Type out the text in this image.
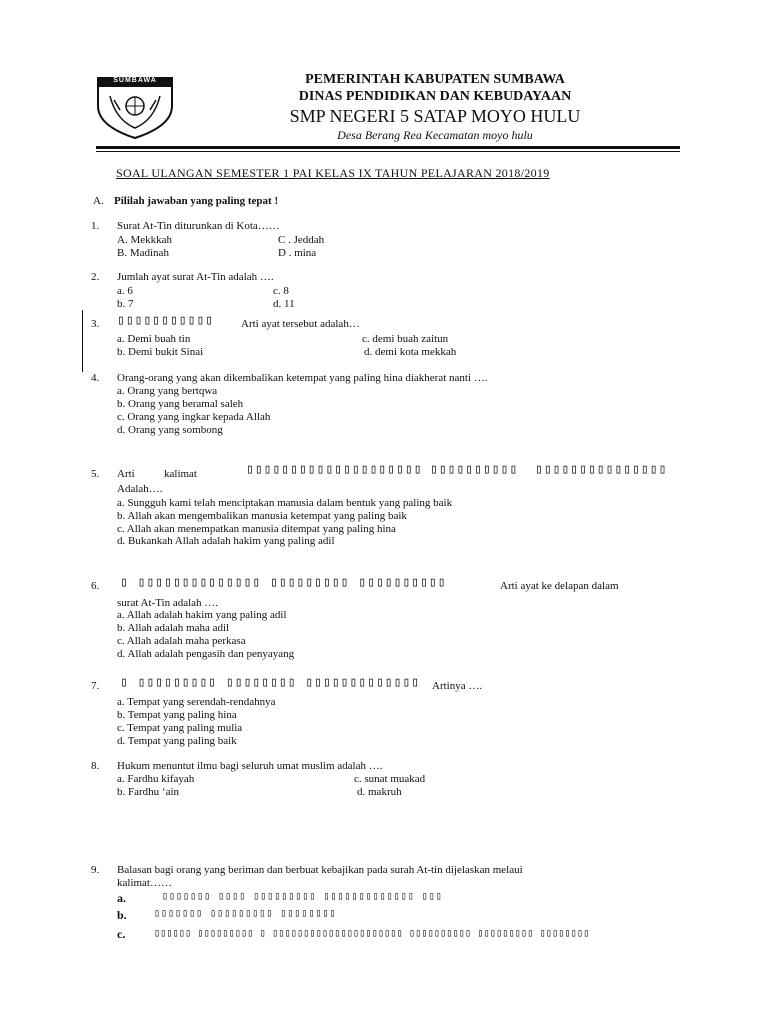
SUMBAWA	PEMERINTAH KABUPATEN SUMBAWA
DINAS PENDIDIKAN DAN KEBUDAYAAN
SMP NEGERI 5 SATAP MOYO HULU
Desa Berang Rea Kecamatan moyo hulu
SOAL ULANGAN SEMESTER 1 PAI KELAS IX TAHUN PELAJARAN 2018/2019
A. Pililah jawaban yang paling tepat !
1. Surat At-Tin diturunkan di Kota……
A. Mekkkah	C . Jeddah
B. Madinah	D . mina
2. Jumlah ayat surat At-Tin adalah ….
a. 6	c. 8
b. 7	d. 11
3. ▯▯▯▯▯▯▯▯▯▯▯ Arti ayat tersebut adalah…
a. Demi buah tin	c. demi buah zaitun
b. Demi bukit Sinai	d. demi kota mekkah
4. Orang-orang yang akan dikembalikan ketempat yang paling hina diakherat nanti ….
a. Orang yang bertqwa
b. Orang yang beramal saleh
c. Orang yang ingkar kepada Allah
d. Orang yang sombong
5. Arti	kalimat	▯▯▯▯▯▯▯▯▯▯▯▯▯▯▯▯▯▯▯▯ ▯▯▯▯▯▯▯▯▯▯ ▯▯▯▯▯▯▯▯▯▯▯▯▯▯▯
Adalah….
a. Sungguh kami telah menciptakan manusia dalam bentuk yang paling baik
b. Allah akan mengembalikan manusia ketempat yang paling baik
c. Allah akan menempatkan manusia ditempat yang paling hina
d. Bukankah Allah adalah hakim yang paling adil
6. ▯ ▯▯▯▯▯▯▯▯▯▯▯▯▯▯ ▯▯▯▯▯▯▯▯▯ ▯▯▯▯▯▯▯▯▯▯	Arti ayat ke delapan dalam
surat At-Tin adalah ….
a. Allah adalah hakim yang paling adil
b. Allah adalah maha adil
c. Allah adalah maha perkasa
d. Allah adalah pengasih dan penyayang
7. ▯ ▯▯▯▯▯▯▯▯▯ ▯▯▯▯▯▯▯▯ ▯▯▯▯▯▯▯▯▯▯▯▯▯ Artinya ….
a. Tempat yang serendah-rendahnya
b. Tempat yang paling hina
c. Tempat yang paling mulia
d. Tempat yang paling baik
8. Hukum menuntut ilmu bagi seluruh umat muslim adalah ….
a. Fardhu kifayah	c. sunat muakad
b. Fardhu ‘ain	d. makruh
9. Balasan bagi orang yang beriman dan berbuat kebajikan pada surah At-tin dijelaskan melaui
kalimat……
a.	▯▯▯▯▯▯▯ ▯▯▯▯ ▯▯▯▯▯▯▯▯▯ ▯▯▯▯▯▯▯▯▯▯▯▯▯ ▯▯▯
b.	▯▯▯▯▯▯▯ ▯▯▯▯▯▯▯▯▯ ▯▯▯▯▯▯▯▯
c.	▯▯▯▯▯▯ ▯▯▯▯▯▯▯▯▯ ▯ ▯▯▯▯▯▯▯▯▯▯▯▯▯▯▯▯▯▯▯▯▯ ▯▯▯▯▯▯▯▯▯▯ ▯▯▯▯▯▯▯▯▯ ▯▯▯▯▯▯▯▯
